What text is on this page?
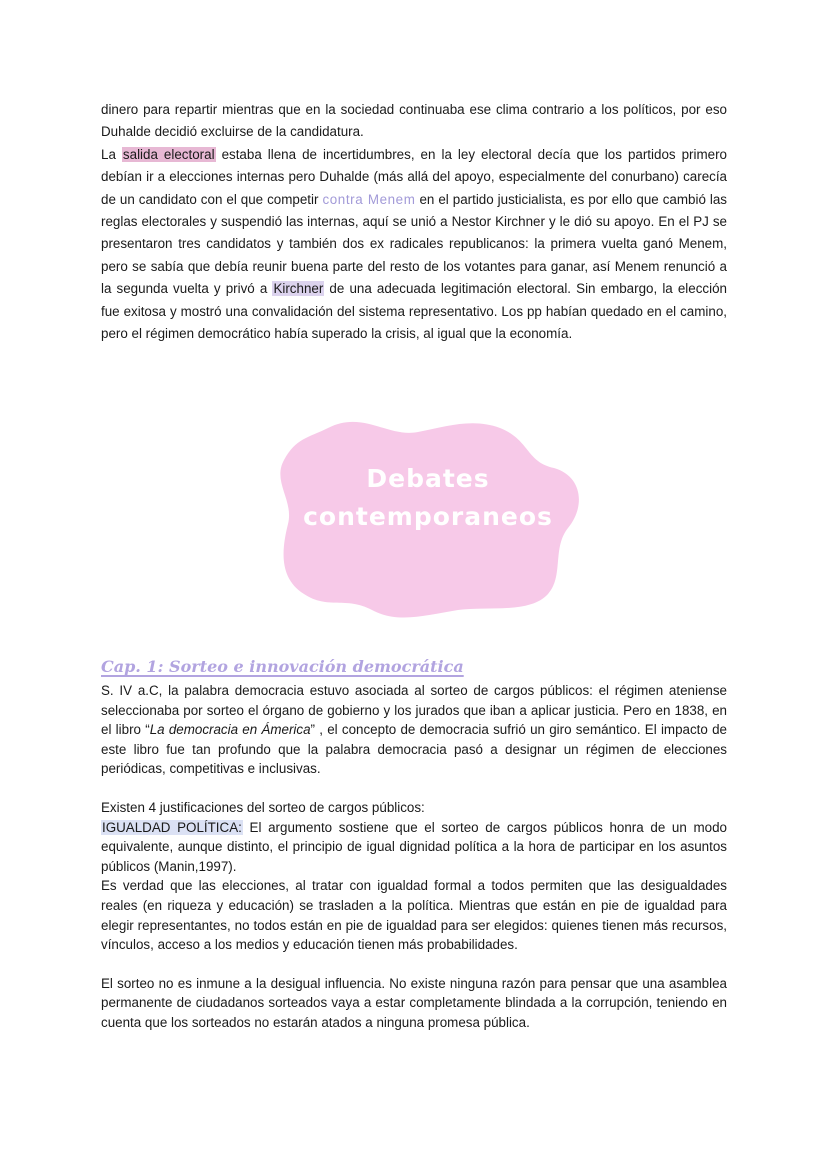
dinero para repartir mientras que en la sociedad continuaba ese clima contrario a los políticos, por eso Duhalde decidió excluirse de la candidatura.

La salida electoral estaba llena de incertidumbres, en la ley electoral decía que los partidos primero debían ir a elecciones internas pero Duhalde (más allá del apoyo, especialmente del conurbano) carecía de un candidato con el que competir contra Menem en el partido justicialista, es por ello que cambió las reglas electorales y suspendió las internas, aquí se unió a Nestor Kirchner y le dió su apoyo. En el PJ se presentaron tres candidatos y también dos ex radicales republicanos: la primera vuelta ganó Menem, pero se sabía que debía reunir buena parte del resto de los votantes para ganar, así Menem renunció a la segunda vuelta y privó a Kirchner de una adecuada legitimación electoral. Sin embargo, la elección fue exitosa y mostró una convalidación del sistema representativo. Los pp habían quedado en el camino, pero el régimen democrático había superado la crisis, al igual que la economía.

Debates
contemporaneos
Cap. 1: Sorteo e innovación democrática

S. IV a.C, la palabra democracia estuvo asociada al sorteo de cargos públicos: el régimen ateniense seleccionaba por sorteo el órgano de gobierno y los jurados que iban a aplicar justicia. Pero en 1838, en el libro “La democracia en Ámerica” , el concepto de democracia sufrió un giro semántico. El impacto de este libro fue tan profundo que la palabra democracia pasó a designar un régimen de elecciones periódicas, competitivas e inclusivas.

Existen 4 justificaciones del sorteo de cargos públicos:

IGUALDAD POLÍTICA: El argumento sostiene que el sorteo de cargos públicos honra de un modo equivalente, aunque distinto, el principio de igual dignidad política a la hora de participar en los asuntos públicos (Manin,1997).

Es verdad que las elecciones, al tratar con igualdad formal a todos permiten que las desigualdades reales (en riqueza y educación) se trasladen a la política. Mientras que están en pie de igualdad para elegir representantes, no todos están en pie de igualdad para ser elegidos: quienes tienen más recursos, vínculos, acceso a los medios y educación tienen más probabilidades.

El sorteo no es inmune a la desigual influencia. No existe ninguna razón para pensar que una asamblea permanente de ciudadanos sorteados vaya a estar completamente blindada a la corrupción, teniendo en cuenta que los sorteados no estarán atados a ninguna promesa pública.
